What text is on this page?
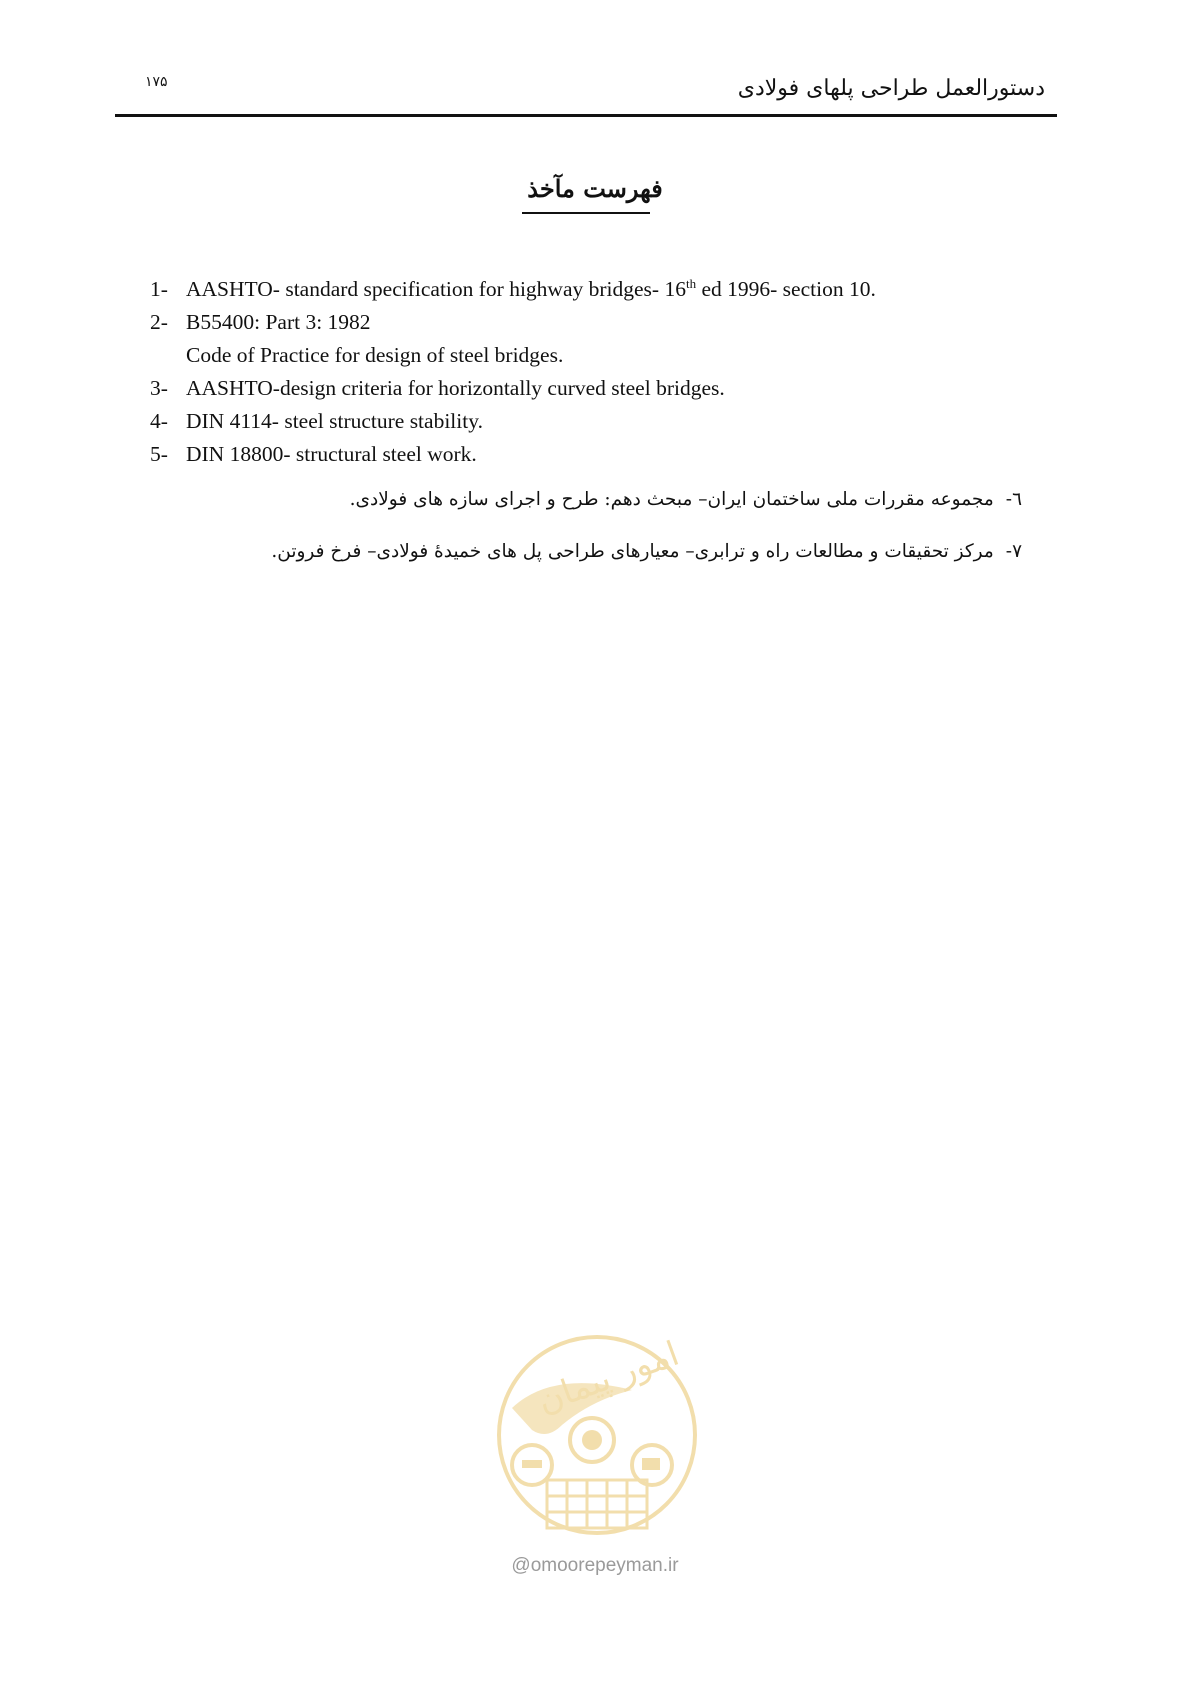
۱۷۵	دستورالعمل طراحی پلهای فولادی
فهرست مآخذ
1- AASHTO- standard specification for highway bridges- 16th ed 1996- section 10.
2- B55400: Part 3: 1982
Code of Practice for design of steel bridges.
3- AASHTO-design criteria for horizontally curved steel bridges.
4- DIN 4114- steel structure stability.
5- DIN 18800- structural steel work.
٦-مجموعه مقررات ملی ساختمان ایران– مبحث دهم: طرح و اجرای سازه های فولادی.
۷-مرکز تحقیقات و مطالعات راه و ترابری– معیارهای طراحی پل های خمیدهٔ فولادی– فرخ فروتن.
امور پیمان
@omoorepeyman.ir
